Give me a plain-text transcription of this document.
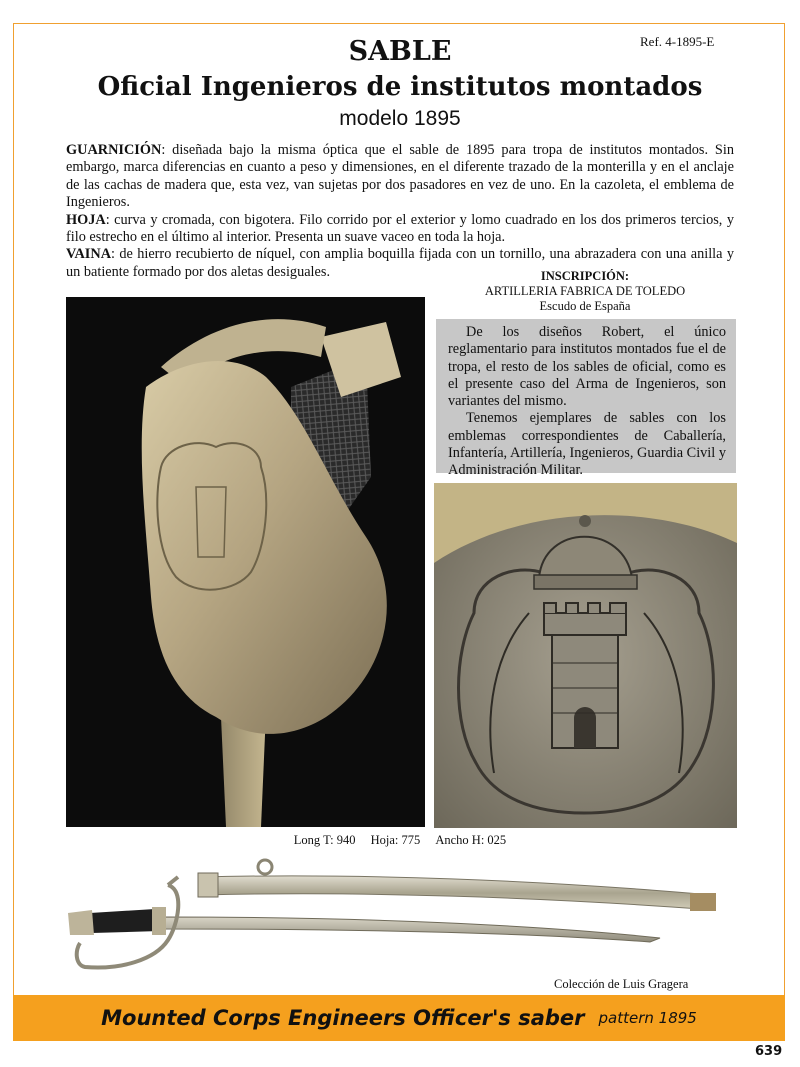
Ref. 4-1895-E
SABLE
Oficial Ingenieros de institutos montados
modelo 1895

GUARNICIÓN: diseñada bajo la misma óptica que el sable de 1895 para tropa de institutos montados. Sin embargo, marca diferencias en cuanto a peso y dimensiones, en el diferente trazado de la monterilla y en el anclaje de las cachas de madera que, esta vez, van sujetas por dos pasadores en vez de uno. En la cazoleta, el emblema de Ingenieros.

HOJA: curva y cromada, con bigotera. Filo corrido por el exterior y lomo cuadrado en los dos primeros tercios, y filo estrecho en el último al interior. Presenta un suave vaceo en toda la hoja.

VAINA: de hierro recubierto de níquel, con amplia boquilla fijada con un tornillo, una abrazadera con una anilla y un batiente formado por dos aletas desiguales.	INSCRIPCIÓN:
ARTILLERIA FABRICA DE TOLEDO
Escudo de España

De los diseños Robert, el único reglamentario para institutos montados fue el de tropa, el resto de los sables de oficial, como es el presente caso del Arma de Ingenieros, son variantes del mismo.

Tenemos ejemplares de sables con los emblemas correspondientes de Caballería, Infantería, Artillería, Ingenieros, Guardia Civil y Administración Militar.

Long T: 940 Hoja: 775 Ancho H: 025
Colección de Luis Gragera
Mounted Corps Engineers Officer's saber pattern 1895
639
